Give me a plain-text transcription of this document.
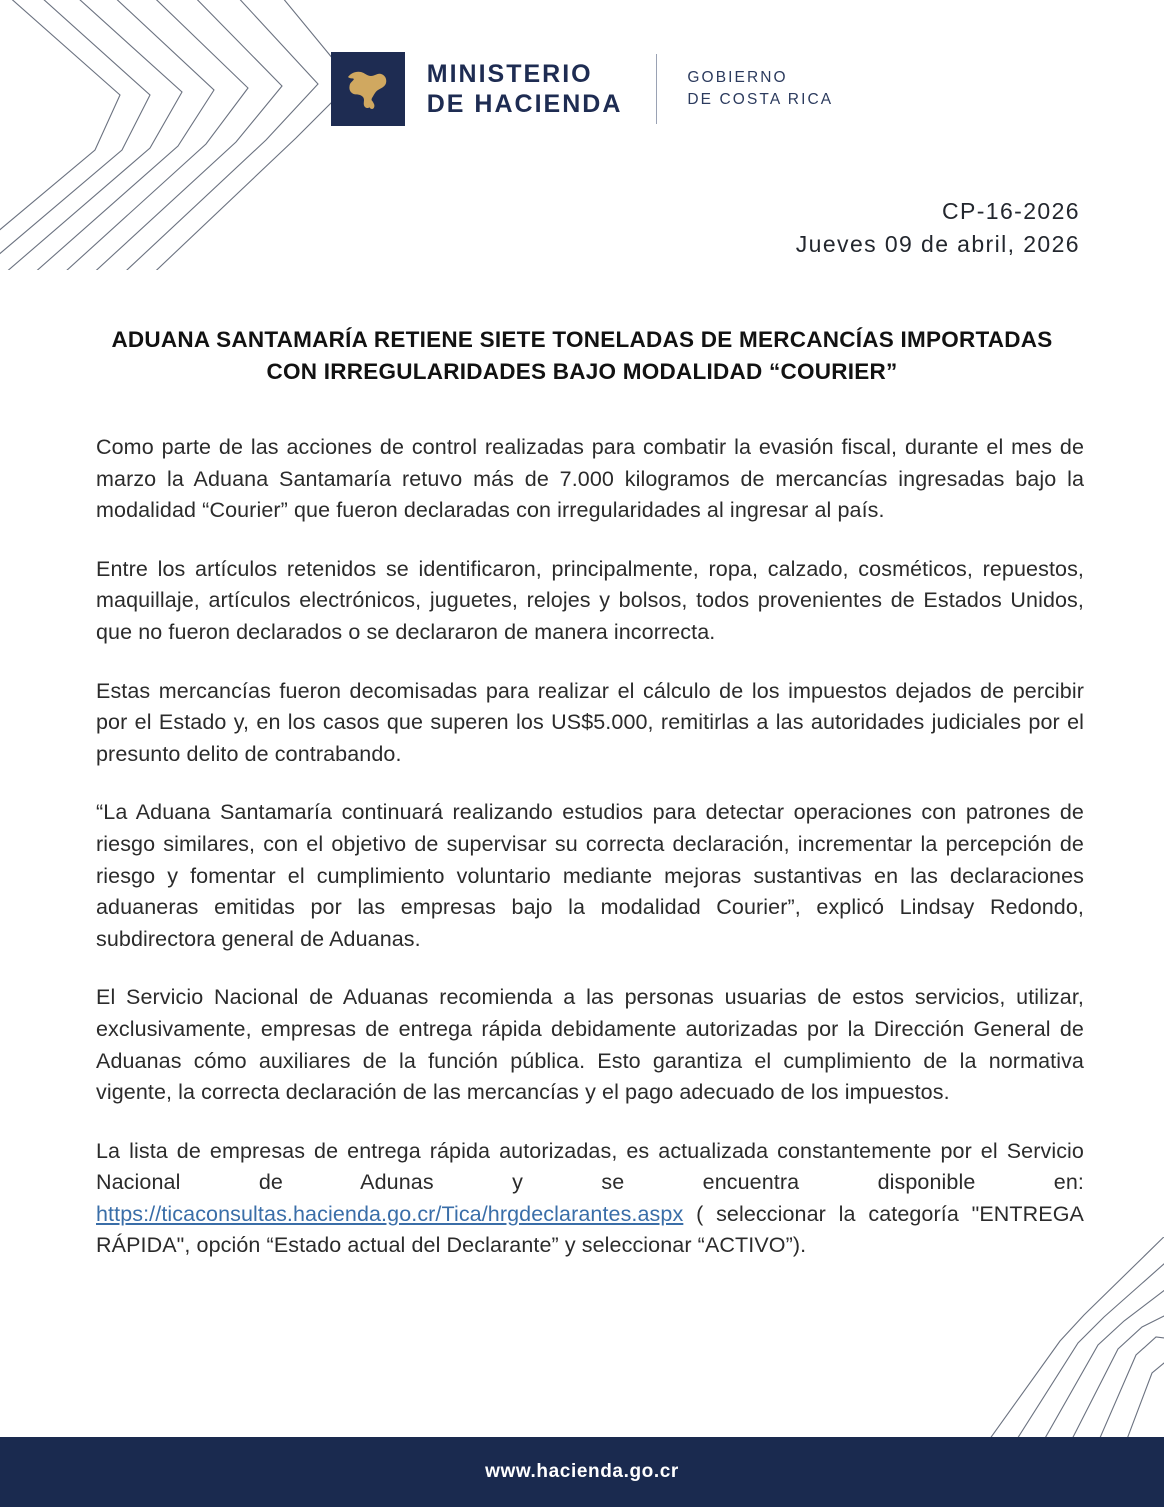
MINISTERIO
DE HACIENDA
GOBIERNO
DE COSTA RICA
CP-16-2026
Jueves 09 de abril, 2026
ADUANA SANTAMARÍA RETIENE SIETE TONELADAS DE MERCANCÍAS IMPORTADAS CON IRREGULARIDADES BAJO MODALIDAD “COURIER”

Como parte de las acciones de control realizadas para combatir la evasión fiscal, durante el mes de marzo la Aduana Santamaría retuvo más de 7.000 kilogramos de mercancías ingresadas bajo la modalidad “Courier” que fueron declaradas con irregularidades al ingresar al país.

Entre los artículos retenidos se identificaron, principalmente, ropa, calzado, cosméticos, repuestos, maquillaje, artículos electrónicos, juguetes, relojes y bolsos, todos provenientes de Estados Unidos, que no fueron declarados o se declararon de manera incorrecta.

Estas mercancías fueron decomisadas para realizar el cálculo de los impuestos dejados de percibir por el Estado y, en los casos que superen los US$5.000, remitirlas a las autoridades judiciales por el presunto delito de contrabando.

“La Aduana Santamaría continuará realizando estudios para detectar operaciones con patrones de riesgo similares, con el objetivo de supervisar su correcta declaración, incrementar la percepción de riesgo y fomentar el cumplimiento voluntario mediante mejoras sustantivas en las declaraciones aduaneras emitidas por las empresas bajo la modalidad Courier”, explicó Lindsay Redondo, subdirectora general de Aduanas.

El Servicio Nacional de Aduanas recomienda a las personas usuarias de estos servicios, utilizar, exclusivamente, empresas de entrega rápida debidamente autorizadas por la Dirección General de Aduanas cómo auxiliares de la función pública. Esto garantiza el cumplimiento de la normativa vigente, la correcta declaración de las mercancías y el pago adecuado de los impuestos.

La lista de empresas de entrega rápida autorizadas, es actualizada constantemente por el Servicio Nacional de Adunas y se encuentra disponible en: https://ticaconsultas.hacienda.go.cr/Tica/hrgdeclarantes.aspx ( seleccionar la categoría "ENTREGA RÁPIDA", opción “Estado actual del Declarante” y seleccionar “ACTIVO”).

www.hacienda.go.cr
